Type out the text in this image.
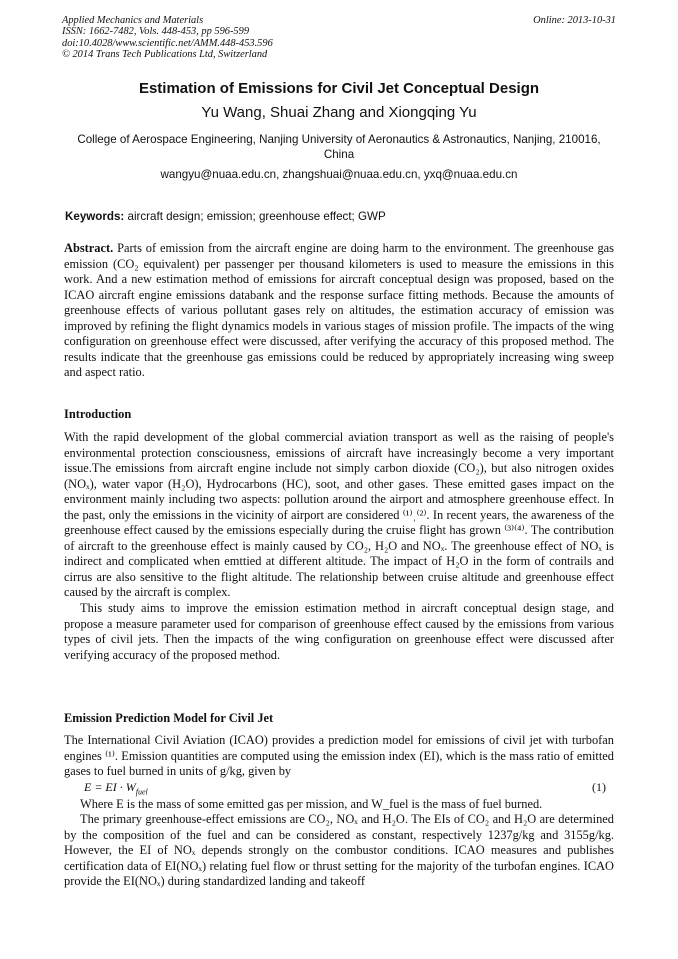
Applied Mechanics and Materials
ISSN: 1662-7482, Vols. 448-453, pp 596-599
doi:10.4028/www.scientific.net/AMM.448-453.596
© 2014 Trans Tech Publications Ltd, Switzerland
Online: 2013-10-31
Estimation of Emissions for Civil Jet Conceptual Design
Yu Wang, Shuai Zhang and Xiongqing Yu
College of Aerospace Engineering, Nanjing University of Aeronautics & Astronautics, Nanjing, 210016, China
wangyu@nuaa.edu.cn, zhangshuai@nuaa.edu.cn, yxq@nuaa.edu.cn
Keywords: aircraft design; emission; greenhouse effect; GWP

Abstract. Parts of emission from the aircraft engine are doing harm to the environment. The greenhouse gas emission (CO₂ equivalent) per passenger per thousand kilometers is used to measure the emissions in this work. And a new estimation method of emissions for aircraft conceptual design was proposed, based on the ICAO aircraft engine emissions databank and the response surface fitting methods. Because the amounts of greenhouse effects of various pollutant gases rely on altitudes, the estimation accuracy of emission was improved by refining the flight dynamics models in various stages of mission profile. The impacts of the wing configuration on greenhouse effect were discussed, after verifying the accuracy of this proposed method. The results indicate that the greenhouse gas emissions could be reduced by appropriately increasing wing sweep and aspect ratio.

Introduction

With the rapid development of the global commercial aviation transport as well as the raising of people's environmental protection consciousness, emissions of aircraft have increasingly become a very important issue.The emissions from aircraft engine include not simply carbon dioxide (CO₂), but also nitrogen oxides (NOₓ), water vapor (H₂O), Hydrocarbons (HC), soot, and other gases. These emitted gases impact on the environment mainly including two aspects: pollution around the airport and atmosphere greenhouse effect. In the past, only the emissions in the vicinity of airport are considered ⁽¹⁾ˌ⁽²⁾. In recent years, the awareness of the greenhouse effect caused by the emissions especially during the cruise flight has grown ⁽³⁾⁽⁴⁾. The contribution of aircraft to the greenhouse effect is mainly caused by CO₂, H₂O and NOₓ. The greenhouse effect of NOₓ is indirect and complicated when emttied at different altitude. The impact of H₂O in the form of contrails and cirrus are also sensitive to the flight altitude. The relationship between cruise altitude and greenhouse effect caused by the aircraft is complex.

This study aims to improve the emission estimation method in aircraft conceptual design stage, and propose a measure parameter used for comparison of greenhouse effect caused by the emissions from various types of civil jets. Then the impacts of the wing configuration on greenhouse effect were discussed after verifying accuracy of the proposed method.

Emission Prediction Model for Civil Jet

The International Civil Aviation (ICAO) provides a prediction model for emissions of civil jet with turbofan engines ⁽¹⁾. Emission quantities are computed using the emission index (EI), which is the mass ratio of emitted gases to fuel burned in units of g/kg, given by

E = EI · $W_{fuel}$	(1)

Where E is the mass of some emitted gas per mission, and W_fuel is the mass of fuel burned.

The primary greenhouse-effect emissions are CO₂, NOₓ and H₂O. The EIs of CO₂ and H₂O are determined by the composition of the fuel and can be considered as constant, respectively 1237g/kg and 3155g/kg. However, the EI of NOₓ depends strongly on the combustor conditions. ICAO measures and publishes certification data of EI(NOₓ) relating fuel flow or thrust setting for the majority of the turbofan engines. ICAO provide the EI(NOₓ) during standardized landing and takeoff
